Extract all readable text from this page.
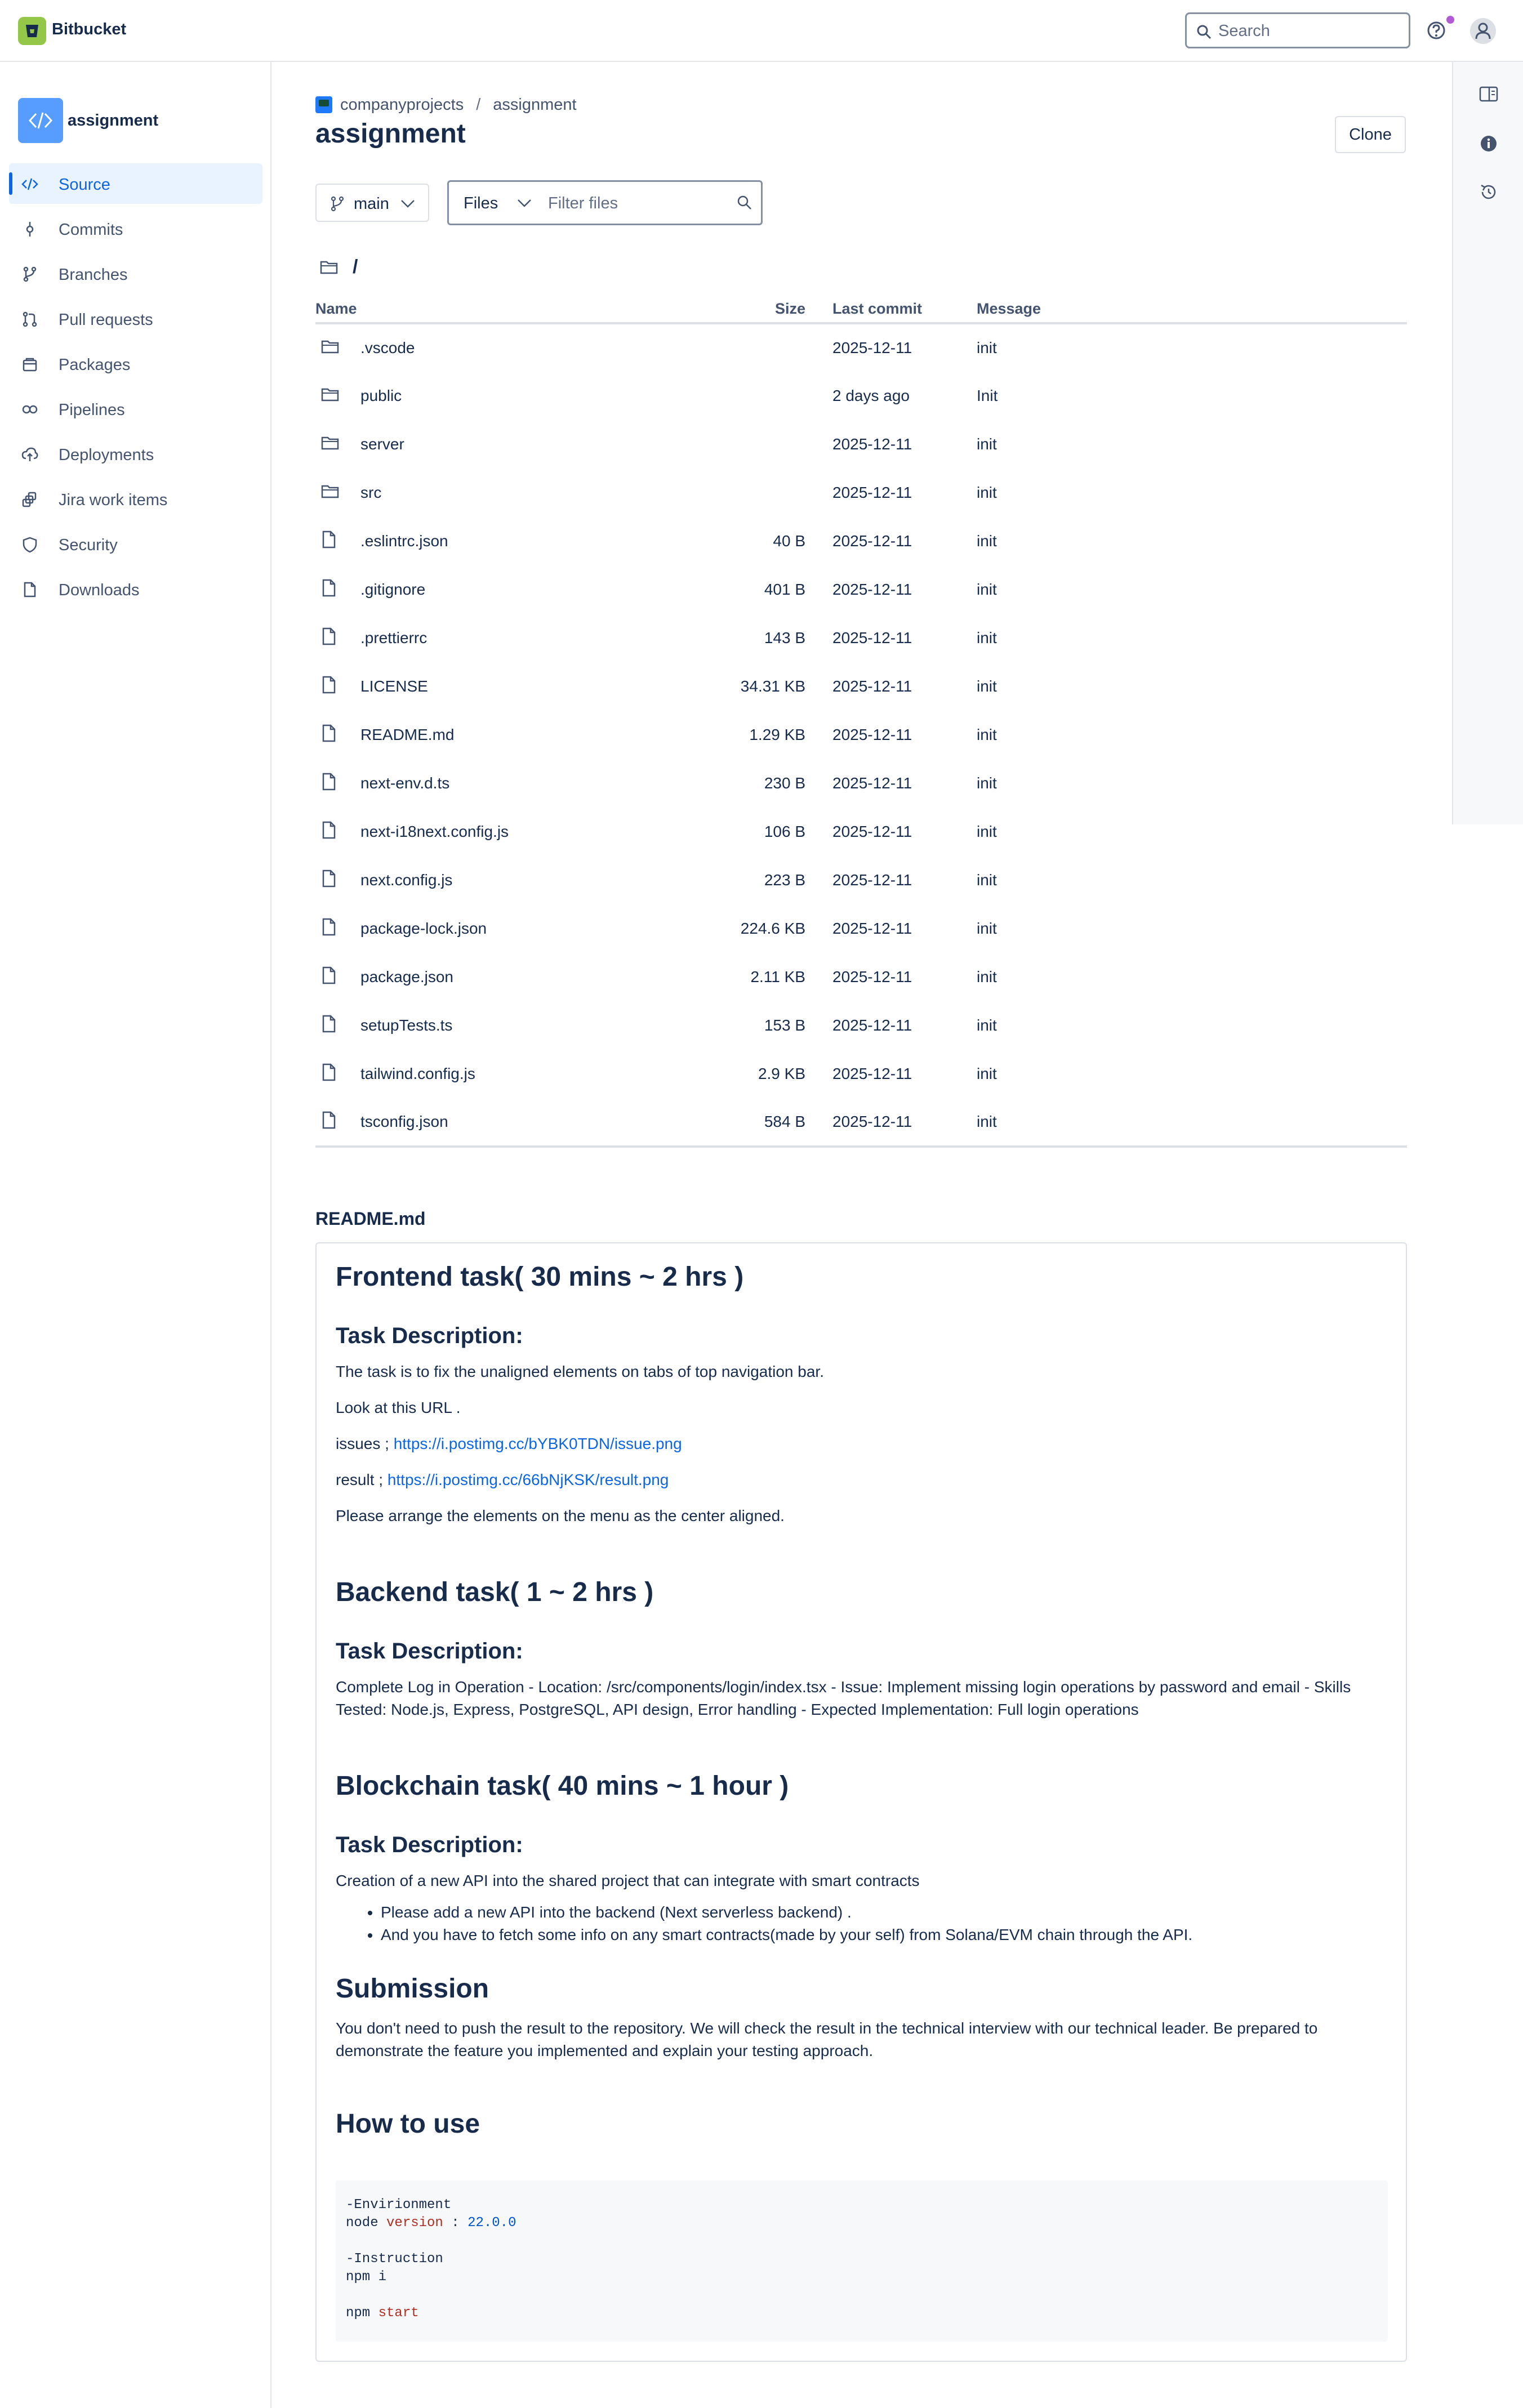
Bitbucket
Search
assignment
Source
Commits
Branches
Pull requests
Packages
Pipelines
Deployments
Jira work items
Security
Downloads
companyprojects / assignment
assignment	Clone
main	Files
Filter files
/
Name		Size		Last commit	Message
	.vscode			2025-12-11	init
	public			2 days ago	Init
	server			2025-12-11	init
	src			2025-12-11	init
	.eslintrc.json	40 B		2025-12-11	init
	.gitignore	401 B		2025-12-11	init
	.prettierrc	143 B		2025-12-11	init
	LICENSE	34.31 KB		2025-12-11	init
	README.md	1.29 KB		2025-12-11	init
	next-env.d.ts	230 B		2025-12-11	init
	next-i18next.config.js	106 B		2025-12-11	init
	next.config.js	223 B		2025-12-11	init
	package-lock.json	224.6 KB		2025-12-11	init
	package.json	2.11 KB		2025-12-11	init
	setupTests.ts	153 B		2025-12-11	init
	tailwind.config.js	2.9 KB		2025-12-11	init
	tsconfig.json	584 B		2025-12-11	init
README.md
Frontend task( 30 mins ~ 2 hrs )
Task Description:
The task is to fix the unaligned elements on tabs of top navigation bar.
Look at this URL .
issues ; https://i.postimg.cc/bYBK0TDN/issue.png
result ; https://i.postimg.cc/66bNjKSK/result.png
Please arrange the elements on the menu as the center aligned.
Backend task( 1 ~ 2 hrs )
Task Description:
Complete Log in Operation - Location: /src/components/login/index.tsx - Issue: Implement missing login operations by password and email - Skills Tested: Node.js, Express, PostgreSQL, API design, Error handling - Expected Implementation: Full login operations
Blockchain task( 40 mins ~ 1 hour )
Task Description:
Creation of a new API into the shared project that can integrate with smart contracts
• Please add a new API into the backend (Next serverless backend) .
• And you have to fetch some info on any smart contracts(made by your self) from Solana/EVM chain through the API.
Submission
You don't need to push the result to the repository. We will check the result in the technical interview with our technical leader. Be prepared to demonstrate the feature you implemented and explain your testing approach.
How to use
-Envirionment
node version : 22.0.0

-Instruction
npm i

npm start
